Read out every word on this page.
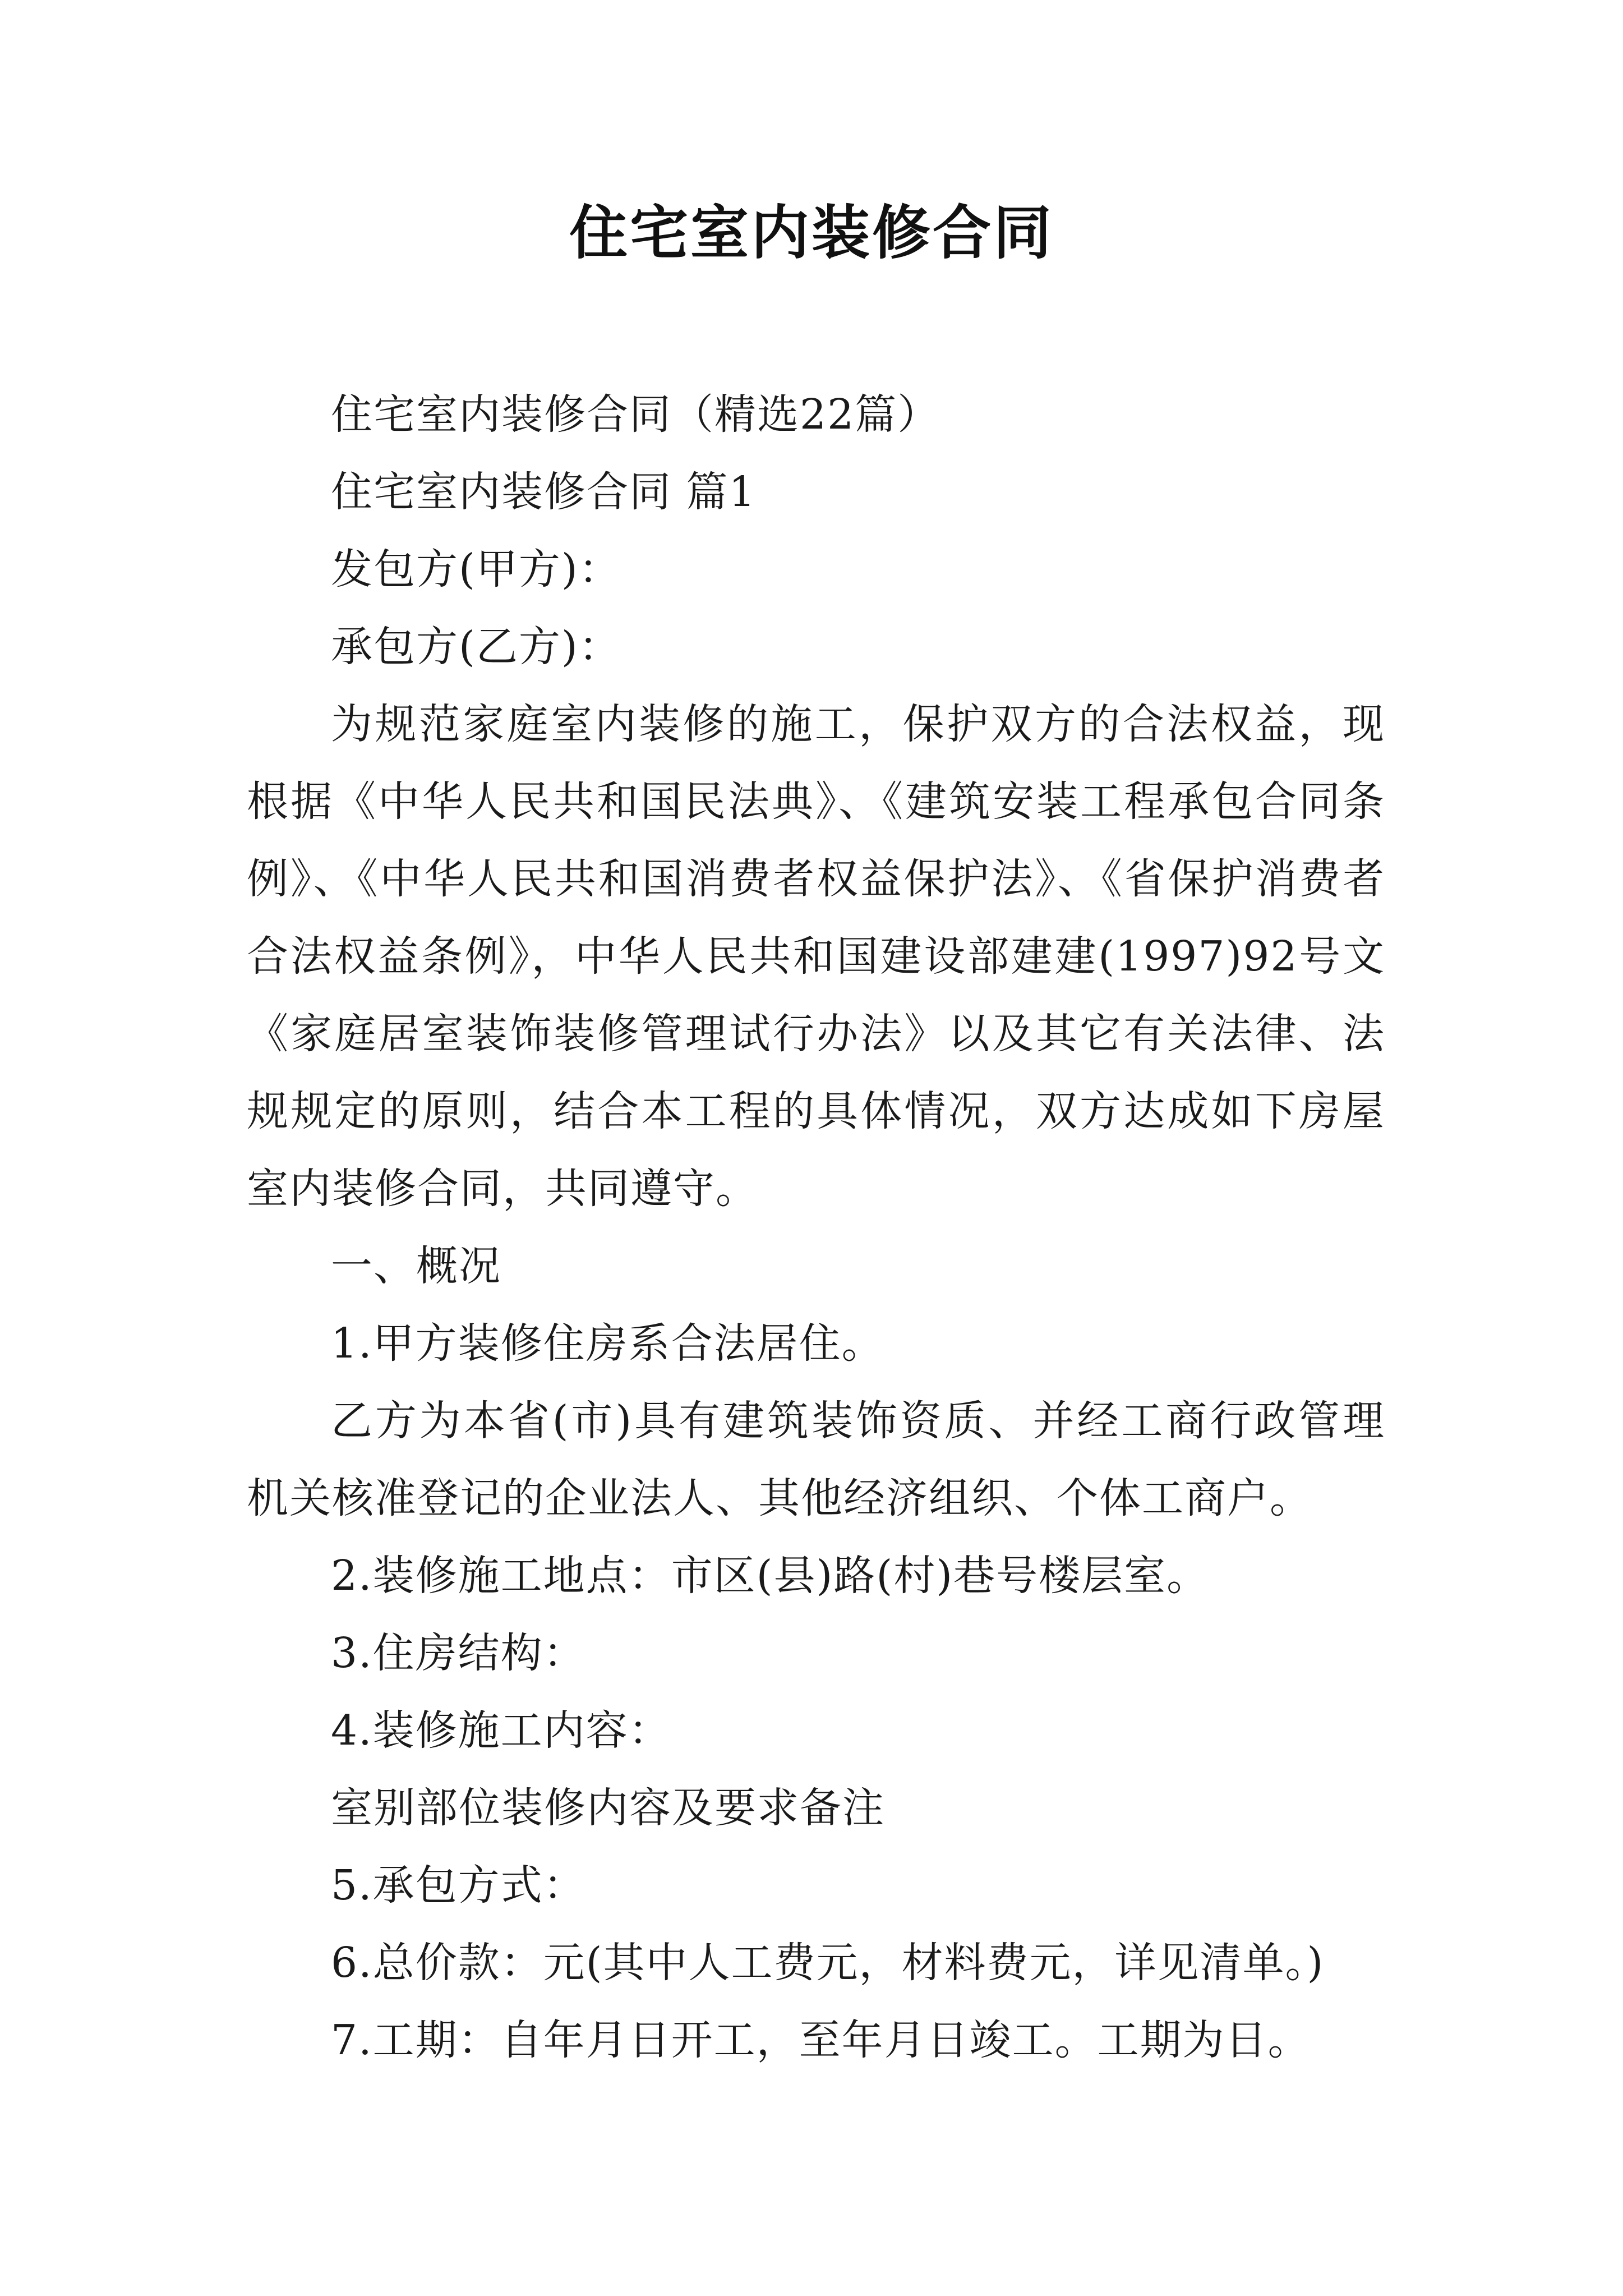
住宅室内装修合同

住宅室内装修合同（精选22篇）

住宅室内装修合同 篇1

发包方(甲方)：

承包方(乙方)：

为规范家庭室内装修的施工，保护双方的合法权益，现根据《中华人民共和国民法典》、《建筑安装工程承包合同条例》、《中华人民共和国消费者权益保护法》、《省保护消费者合法权益条例》，中华人民共和国建设部建建(1997)92号文《家庭居室装饰装修管理试行办法》以及其它有关法律、法规规定的原则，结合本工程的具体情况，双方达成如下房屋室内装修合同，共同遵守。

一、概况

1.甲方装修住房系合法居住。

乙方为本省(市)具有建筑装饰资质、并经工商行政管理机关核准登记的企业法人、其他经济组织、个体工商户。

2.装修施工地点：市区(县)路(村)巷号楼层室。

3.住房结构：

4.装修施工内容：

室别部位装修内容及要求备注

5.承包方式：

6.总价款：元(其中人工费元，材料费元，详见清单。)

7.工期：自年月日开工，至年月日竣工。工期为日。
